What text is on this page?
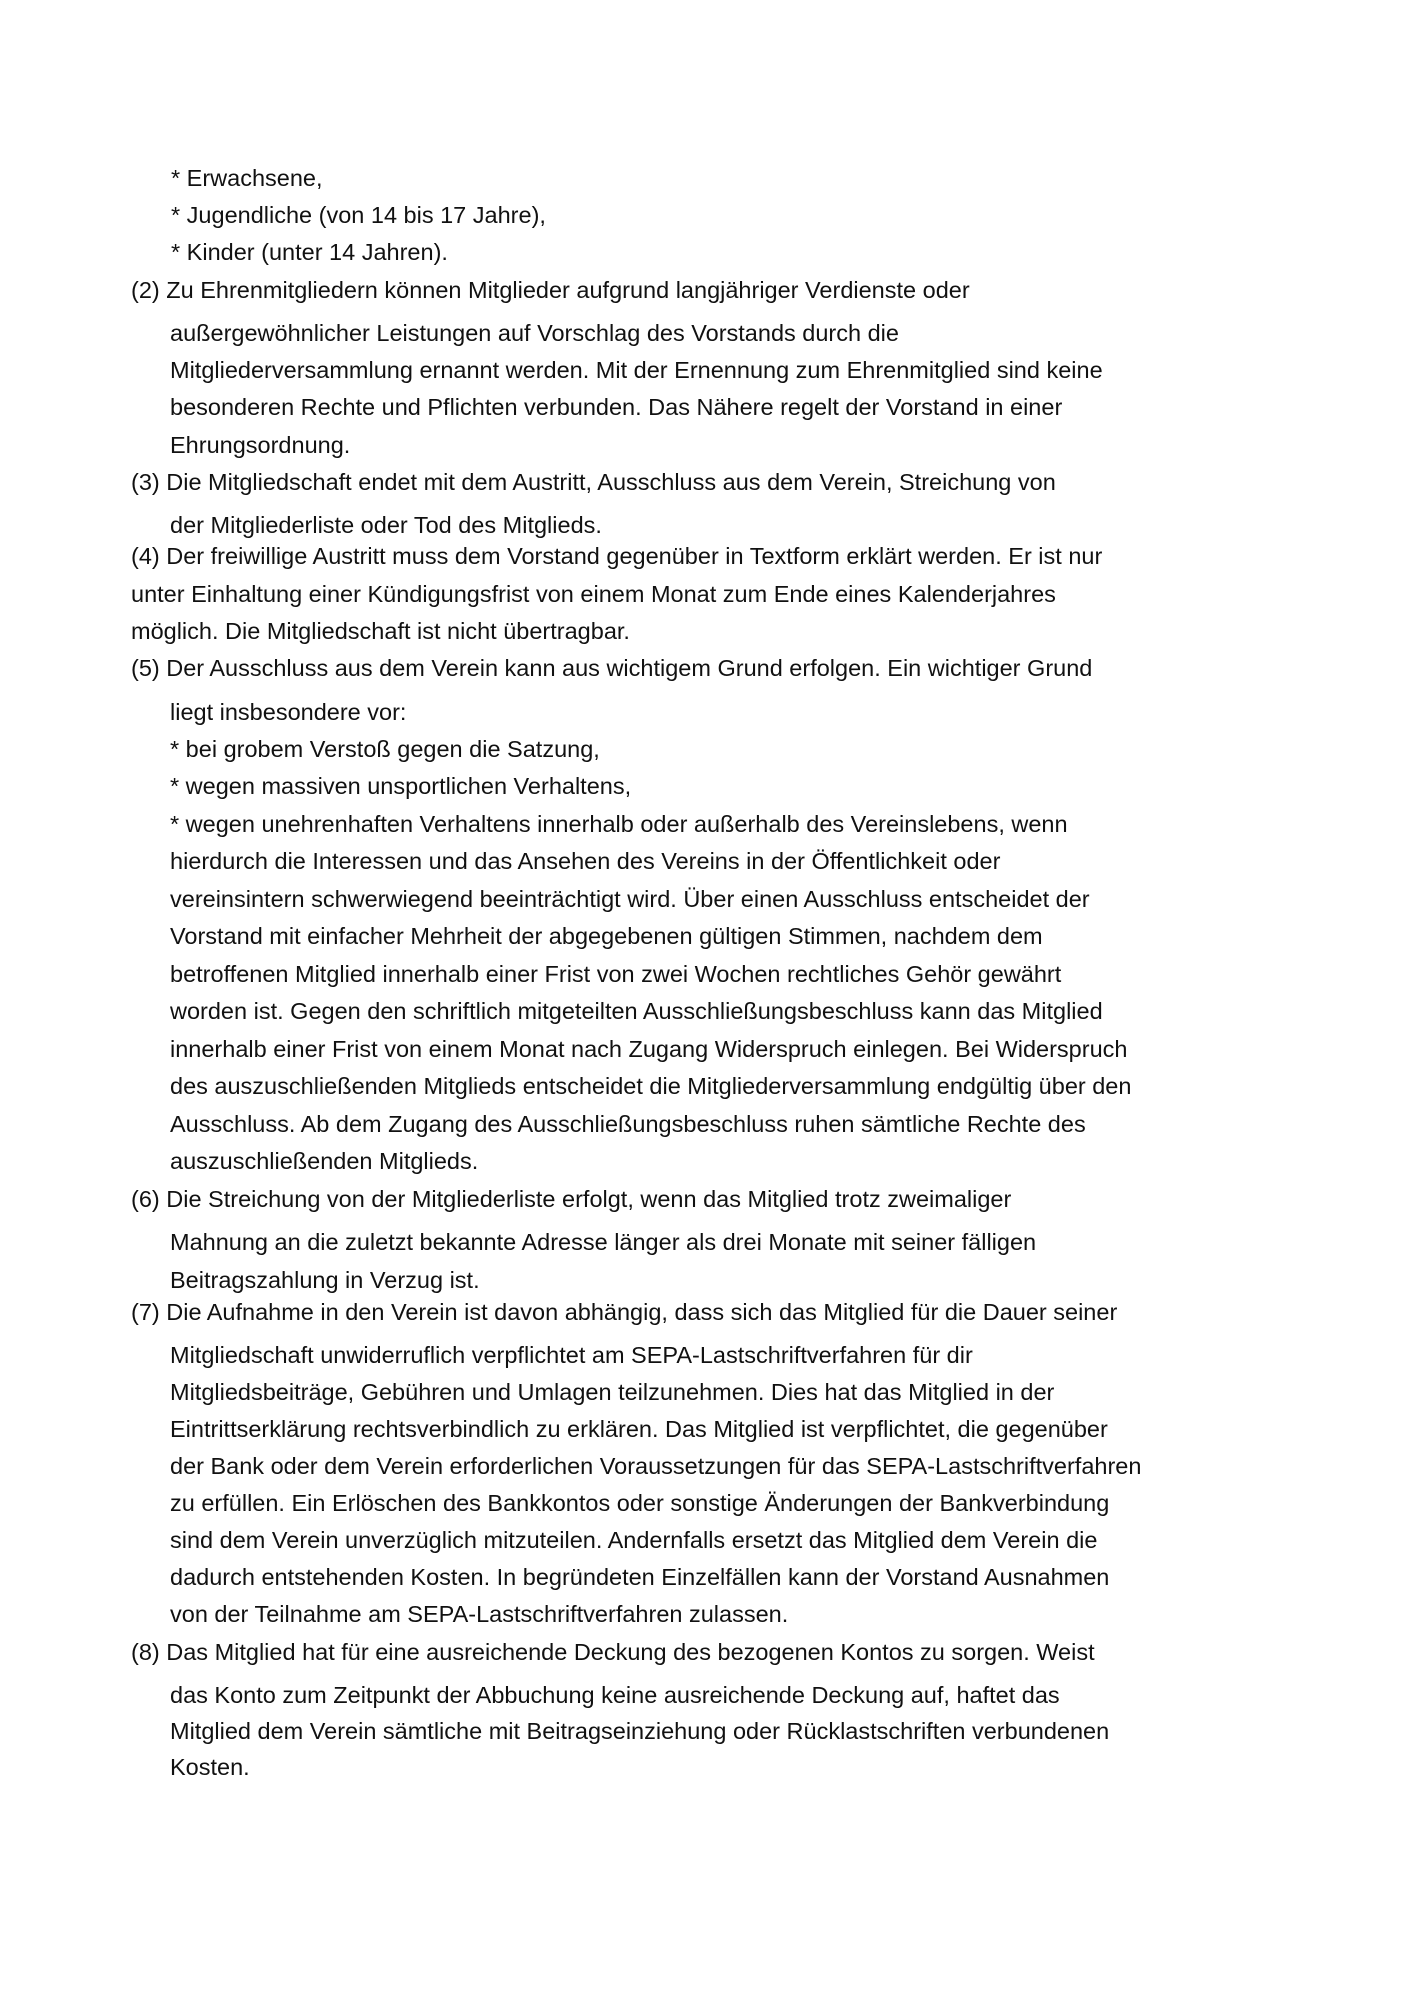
* Erwachsene,
* Jugendliche (von 14 bis 17 Jahre),
* Kinder (unter 14 Jahren).
(2) Zu Ehrenmitgliedern können Mitglieder aufgrund langjähriger Verdienste oder
außergewöhnlicher Leistungen auf Vorschlag des Vorstands durch die
Mitgliederversammlung ernannt werden. Mit der Ernennung zum Ehrenmitglied sind keine
besonderen Rechte und Pflichten verbunden. Das Nähere regelt der Vorstand in einer
Ehrungsordnung.
(3) Die Mitgliedschaft endet mit dem Austritt, Ausschluss aus dem Verein, Streichung von
der Mitgliederliste oder Tod des Mitglieds.
(4) Der freiwillige Austritt muss dem Vorstand gegenüber in Textform erklärt werden. Er ist nur
unter Einhaltung einer Kündigungsfrist von einem Monat zum Ende eines Kalenderjahres
möglich. Die Mitgliedschaft ist nicht übertragbar.
(5) Der Ausschluss aus dem Verein kann aus wichtigem Grund erfolgen. Ein wichtiger Grund
liegt insbesondere vor:
* bei grobem Verstoß gegen die Satzung,
* wegen massiven unsportlichen Verhaltens,
* wegen unehrenhaften Verhaltens innerhalb oder außerhalb des Vereinslebens, wenn
hierdurch die Interessen und das Ansehen des Vereins in der Öffentlichkeit oder
vereinsintern schwerwiegend beeinträchtigt wird. Über einen Ausschluss entscheidet der
Vorstand mit einfacher Mehrheit der abgegebenen gültigen Stimmen, nachdem dem
betroffenen Mitglied innerhalb einer Frist von zwei Wochen rechtliches Gehör gewährt
worden ist. Gegen den schriftlich mitgeteilten Ausschließungsbeschluss kann das Mitglied
innerhalb einer Frist von einem Monat nach Zugang Widerspruch einlegen. Bei Widerspruch
des auszuschließenden Mitglieds entscheidet die Mitgliederversammlung endgültig über den
Ausschluss. Ab dem Zugang des Ausschließungsbeschluss ruhen sämtliche Rechte des
auszuschließenden Mitglieds.
(6) Die Streichung von der Mitgliederliste erfolgt, wenn das Mitglied trotz zweimaliger
Mahnung an die zuletzt bekannte Adresse länger als drei Monate mit seiner fälligen
Beitragszahlung in Verzug ist.
(7) Die Aufnahme in den Verein ist davon abhängig, dass sich das Mitglied für die Dauer seiner
Mitgliedschaft unwiderruflich verpflichtet am SEPA-Lastschriftverfahren für dir
Mitgliedsbeiträge, Gebühren und Umlagen teilzunehmen. Dies hat das Mitglied in der
Eintrittserklärung rechtsverbindlich zu erklären. Das Mitglied ist verpflichtet, die gegenüber
der Bank oder dem Verein erforderlichen Voraussetzungen für das SEPA-Lastschriftverfahren
zu erfüllen. Ein Erlöschen des Bankkontos oder sonstige Änderungen der Bankverbindung
sind dem Verein unverzüglich mitzuteilen. Andernfalls ersetzt das Mitglied dem Verein die
dadurch entstehenden Kosten. In begründeten Einzelfällen kann der Vorstand Ausnahmen
von der Teilnahme am SEPA-Lastschriftverfahren zulassen.
(8) Das Mitglied hat für eine ausreichende Deckung des bezogenen Kontos zu sorgen. Weist
das Konto zum Zeitpunkt der Abbuchung keine ausreichende Deckung auf, haftet das
Mitglied dem Verein sämtliche mit Beitragseinziehung oder Rücklastschriften verbundenen
Kosten.
